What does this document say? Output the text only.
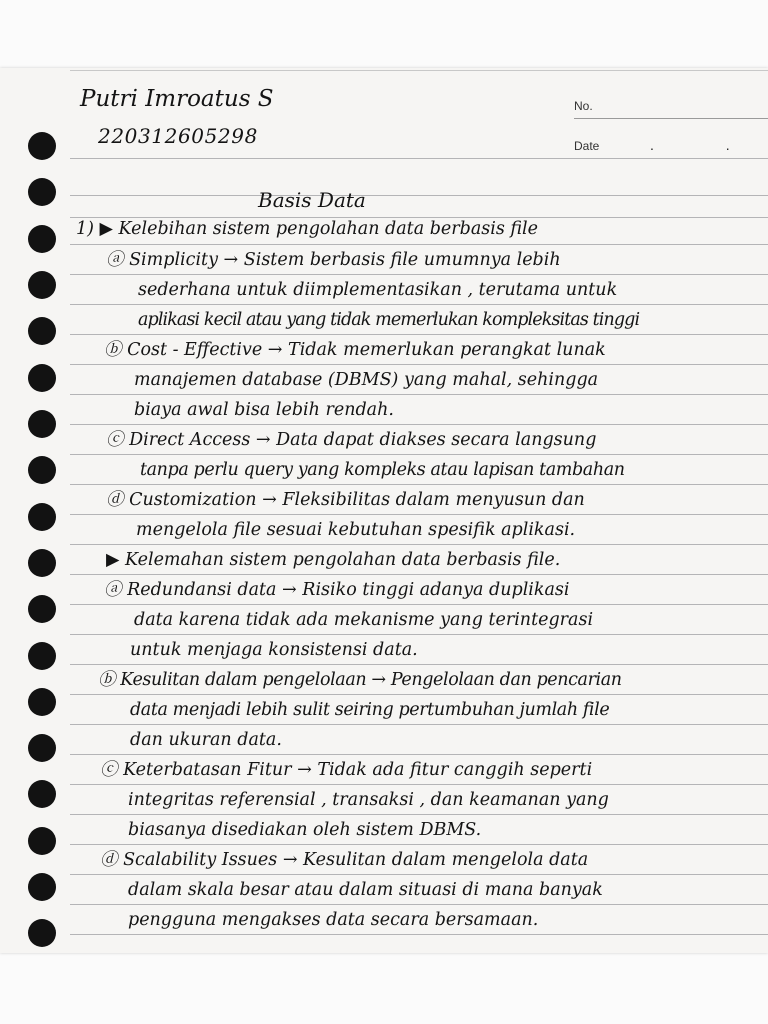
No.
Date	. .
Putri Imroatus S
220312605298
Basis Data
1) ▶ Kelebihan sistem pengolahan data berbasis file
ⓐ Simplicity → Sistem berbasis file umumnya lebih
sederhana untuk diimplementasikan , terutama untuk
aplikasi kecil atau yang tidak memerlukan kompleksitas tinggi
ⓑ Cost - Effective → Tidak memerlukan perangkat lunak
manajemen database (DBMS) yang mahal, sehingga
biaya awal bisa lebih rendah.
ⓒ Direct Access → Data dapat diakses secara langsung
tanpa perlu query yang kompleks atau lapisan tambahan
ⓓ Customization → Fleksibilitas dalam menyusun dan
mengelola file sesuai kebutuhan spesifik aplikasi.
▶ Kelemahan sistem pengolahan data berbasis file.
ⓐ Redundansi data → Risiko tinggi adanya duplikasi
data karena tidak ada mekanisme yang terintegrasi
untuk menjaga konsistensi data.
ⓑ Kesulitan dalam pengelolaan → Pengelolaan dan pencarian
data menjadi lebih sulit seiring pertumbuhan jumlah file
dan ukuran data.
ⓒ Keterbatasan Fitur → Tidak ada fitur canggih seperti
integritas referensial , transaksi , dan keamanan yang
biasanya disediakan oleh sistem DBMS.
ⓓ Scalability Issues → Kesulitan dalam mengelola data
dalam skala besar atau dalam situasi di mana banyak
pengguna mengakses data secara bersamaan.
